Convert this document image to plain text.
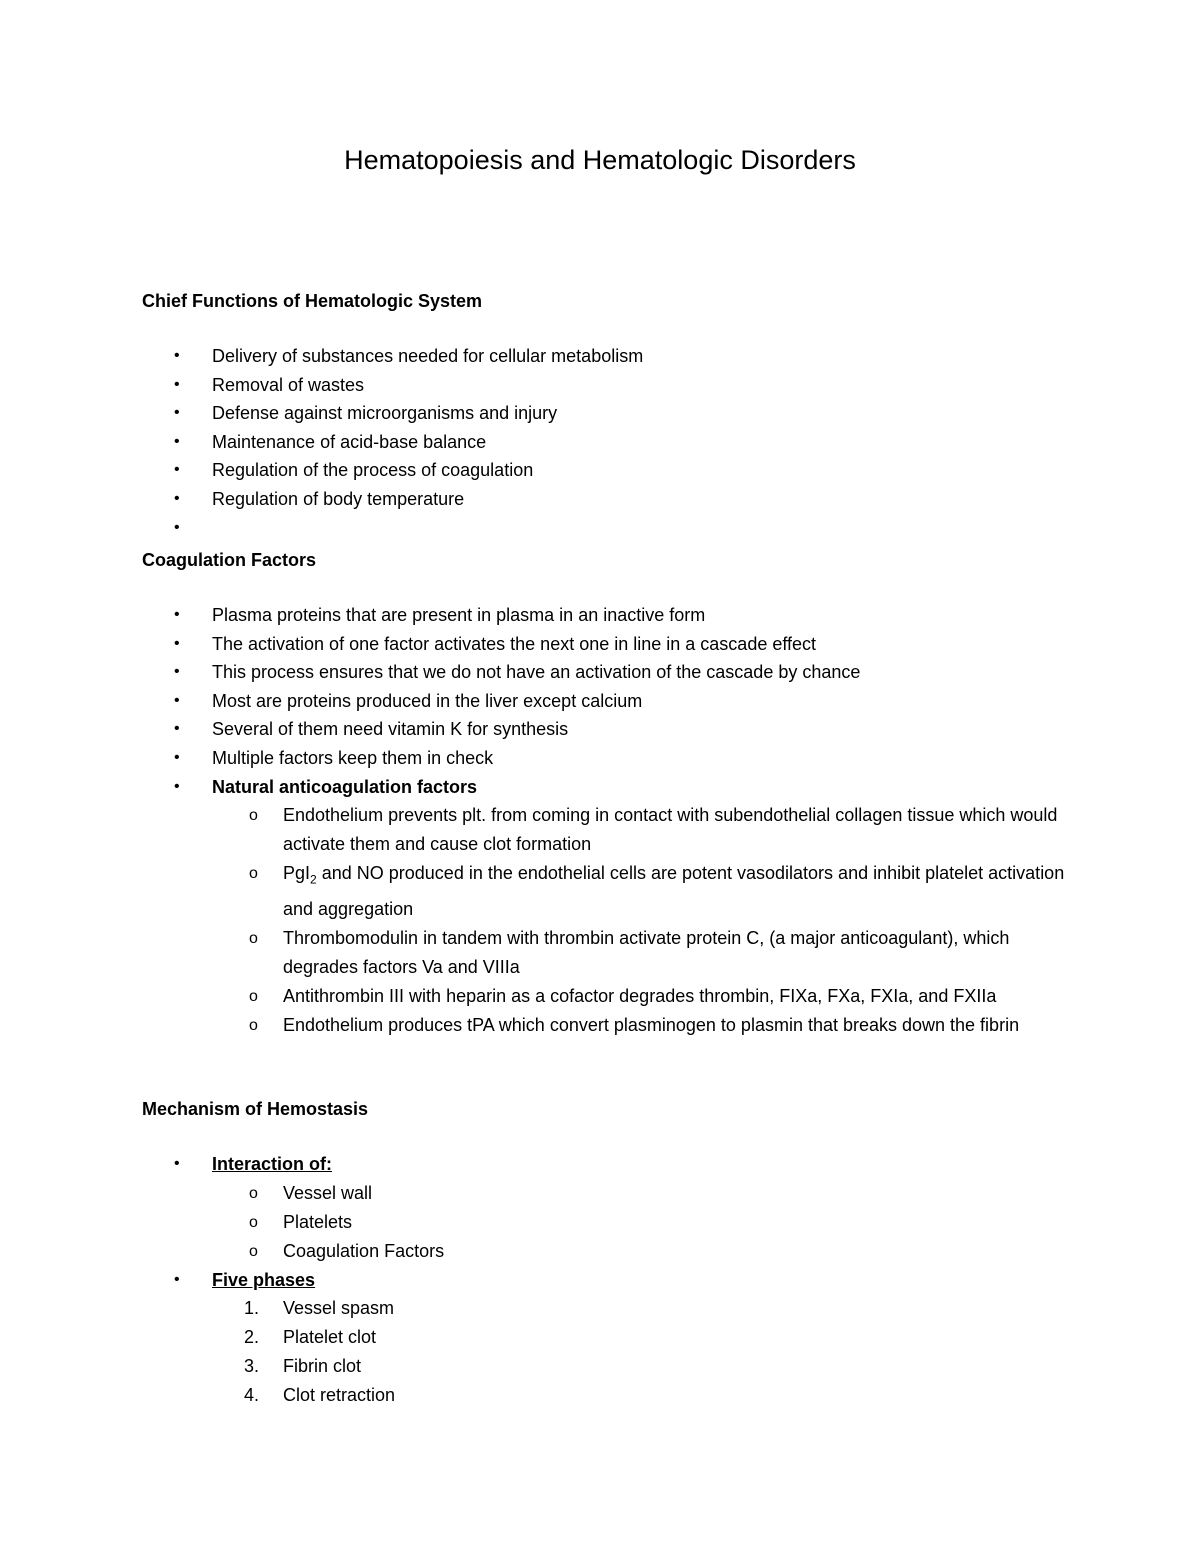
Hematopoiesis and Hematologic Disorders

Chief Functions of Hematologic System

• Delivery of substances needed for cellular metabolism
• Removal of wastes
• Defense against microorganisms and injury
• Maintenance of acid-base balance
• Regulation of the process of coagulation
• Regulation of body temperature
•

Coagulation Factors

• Plasma proteins that are present in plasma in an inactive form
• The activation of one factor activates the next one in line in a cascade effect
• This process ensures that we do not have an activation of the cascade by chance
• Most are proteins produced in the liver except calcium
• Several of them need vitamin K for synthesis
• Multiple factors keep them in check
• Natural anticoagulation factors
o Endothelium prevents plt. from coming in contact with subendothelial collagen tissue which would activate them and cause clot formation
o PgI$_2$ and NO produced in the endothelial cells are potent vasodilators and inhibit platelet activation and aggregation
o Thrombomodulin in tandem with thrombin activate protein C, (a major anticoagulant), which degrades factors Va and VIIIa
o Antithrombin III with heparin as a cofactor degrades thrombin, FIXa, FXa, FXIa, and FXIIa
o Endothelium produces tPA which convert plasminogen to plasmin that breaks down the fibrin

Mechanism of Hemostasis

• Interaction of:
o Vessel wall
o Platelets
o Coagulation Factors
• Five phases
1. Vessel spasm
2. Platelet clot
3. Fibrin clot
4. Clot retraction
